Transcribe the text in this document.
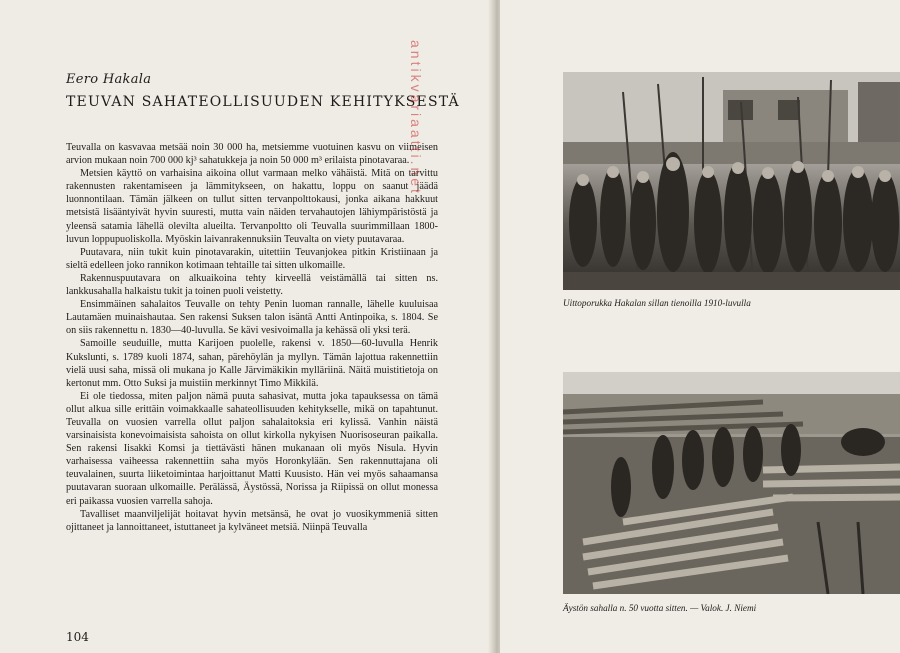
Eero Hakala
TEUVAN SAHATEOLLISUUDEN KEHITYKSESTÄ

Teuvalla on kasvavaa metsää noin 30 000 ha, metsiemme vuotuinen kasvu on viimeisen arvion mukaan noin 700 000 kj³ sahatukkeja ja noin 50 000 m³ erilaista pinotavaraa.

Metsien käyttö on varhaisina aikoina ollut varmaan melko vähäistä. Mitä on tarvittu rakennusten rakentamiseen ja lämmitykseen, on hakattu, loppu on saanut jäädä luonnontilaan. Tämän jälkeen on tullut sitten tervanpolttokausi, jonka aikana hakkuut metsistä lisääntyivät hyvin suuresti, mutta vain näiden tervahautojen lähiympäristöstä ja yleensä satamia lähellä olevilta alueilta. Tervanpoltto oli Teuvalla suurimmillaan 1800-luvun loppupuoliskolla. Myöskin laivanrakennuksiin Teuvalta on viety puutavaraa.

Puutavara, niin tukit kuin pinotavarakin, uitettiin Teuvanjokea pitkin Kristiinaan ja sieltä edelleen joko rannikon kotimaan tehtaille tai sitten ulkomaille.

Rakennuspuutavara on alkuaikoina tehty kirveellä veistämällä tai sitten ns. lankkusahalla halkaistu tukit ja toinen puoli veistetty.

Ensimmäinen sahalaitos Teuvalle on tehty Penin luoman rannalle, lähelle kuuluisaa Lautamäen muinaishautaa. Sen rakensi Suksen talon isäntä Antti Antinpoika, s. 1804. Se on siis rakennettu n. 1830—40-luvulla. Se kävi vesivoimalla ja kehässä oli yksi terä.

Samoille seuduille, mutta Karijoen puolelle, rakensi v. 1850—60-luvulla Henrik Kukslunti, s. 1789 kuoli 1874, sahan, pärehöylän ja myllyn. Tämän lajottua rakennettiin vielä uusi saha, missä oli mukana jo Kalle Järvimäkikin mylläriinä. Näitä muistitietoja on kertonut mm. Otto Suksi ja muistiin merkinnyt Timo Mikkilä.

Ei ole tiedossa, miten paljon nämä puuta sahasivat, mutta joka tapauksessa on tämä ollut alkua sille erittäin voimakkaalle sahateollisuuden kehitykselle, mikä on tapahtunut. Teuvalla on vuosien varrella ollut paljon sahalaitoksia eri kylissä. Vanhin näistä varsinaisista konevoimaisista sahoista on ollut kirkolla nykyisen Nuorisoseuran paikalla. Sen rakensi Iisakki Komsi ja tiettävästi hänen mukanaan oli myös Nisula. Hyvin varhaisessa vaiheessa rakennettiin saha myös Horonkylään. Sen rakennuttajana oli teuvalainen, suurta liiketoimintaa harjoittanut Matti Kuusisto. Hän vei myös sahaamansa puutavaran suoraan ulkomaille. Perälässä, Äystössä, Norissa ja Riipissä on ollut monessa eri paikassa vuosien varrella sahoja.

Tavalliset maanviljelijät hoitavat hyvin metsänsä, he ovat jo vuosikymmeniä sitten ojittaneet ja lannoittaneet, istuttaneet ja kylväneet metsiä. Niinpä Teuvalla

104
Uittoporukka Hakalan sillan tienoilla 1910-luvulla
Äystön sahalla n. 50 vuotta sitten. — Valok. J. Niemi
antikvariaatti.net
